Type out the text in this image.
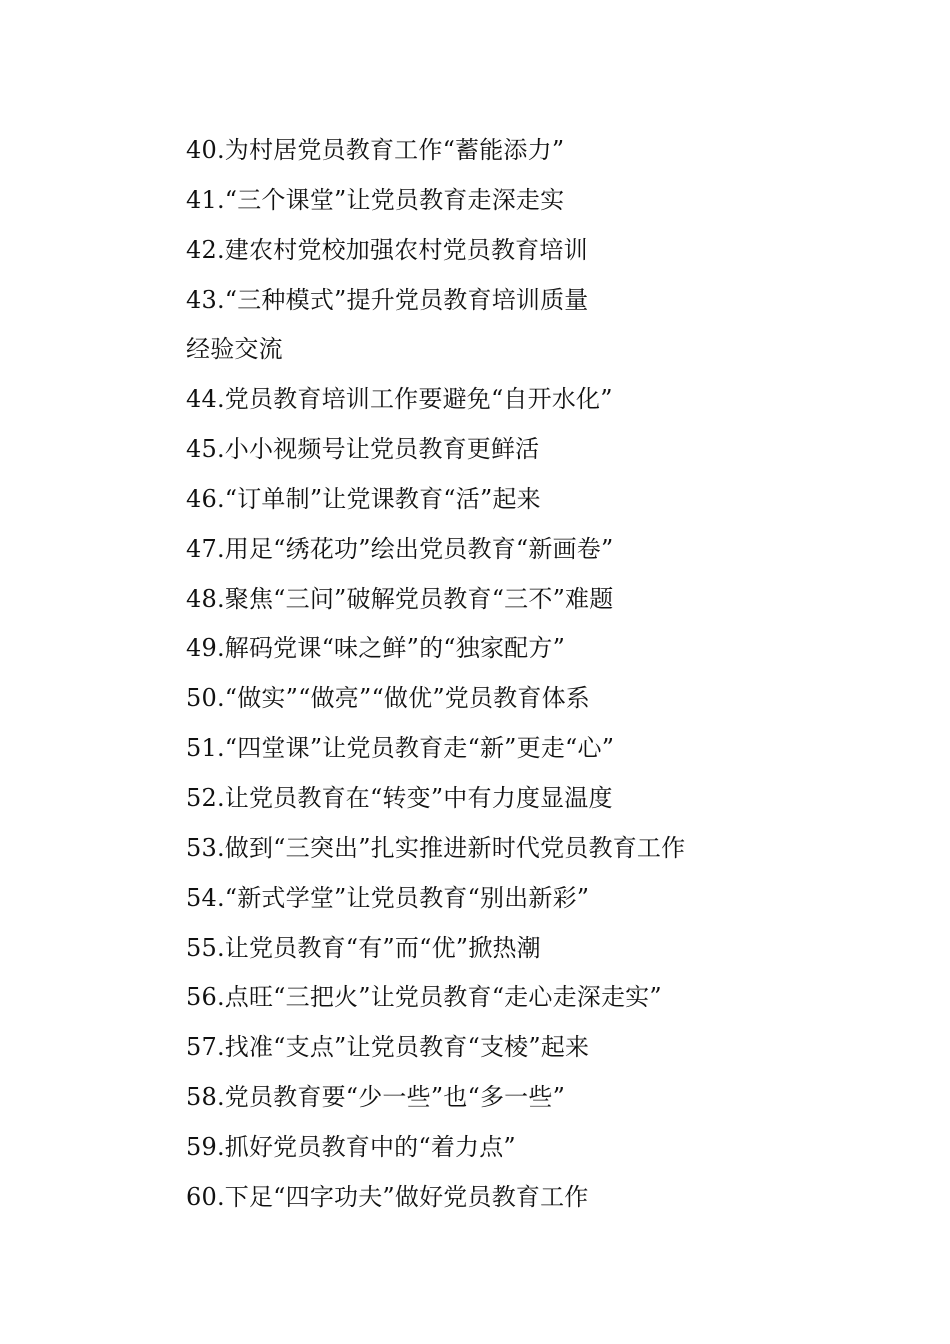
40.为村居党员教育工作“蓄能添力”
41.“三个课堂”让党员教育走深走实
42.建农村党校加强农村党员教育培训
43.“三种模式”提升党员教育培训质量
经验交流
44.党员教育培训工作要避免“自开水化”
45.小小视频号让党员教育更鲜活
46.“订单制”让党课教育“活”起来
47.用足“绣花功”绘出党员教育“新画卷”
48.聚焦“三问”破解党员教育“三不”难题
49.解码党课“味之鲜”的“独家配方”
50.“做实”“做亮”“做优”党员教育体系
51.“四堂课”让党员教育走“新”更走“心”
52.让党员教育在“转变”中有力度显温度
53.做到“三突出”扎实推进新时代党员教育工作
54.“新式学堂”让党员教育“别出新彩”
55.让党员教育“有”而“优”掀热潮
56.点旺“三把火”让党员教育“走心走深走实”
57.找准“支点”让党员教育“支棱”起来
58.党员教育要“少一些”也“多一些”
59.抓好党员教育中的“着力点”
60.下足“四字功夫”做好党员教育工作
